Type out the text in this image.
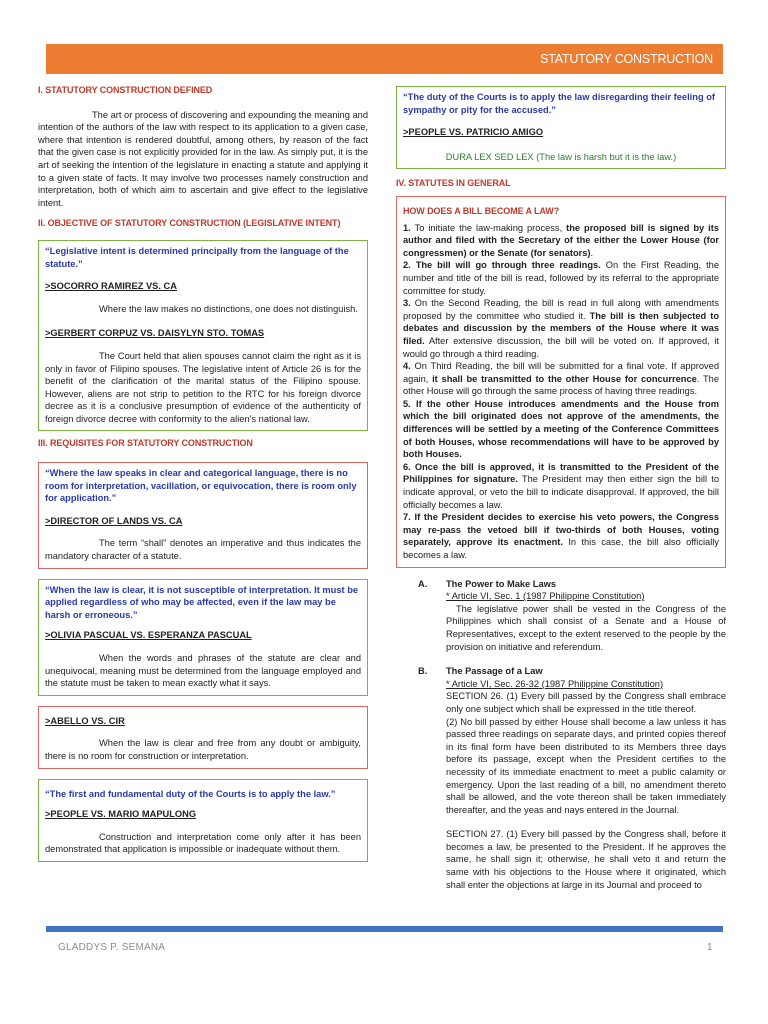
STATUTORY CONSTRUCTION
I. STATUTORY CONSTRUCTION DEFINED
The art or process of discovering and expounding the meaning and intention of the authors of the law with respect to its application to a given case, where that intention is rendered doubtful, among others, by reason of the fact that the given case is not explicitly provided for in the law. As simply put, it is the art of seeking the intention of the legislature in enacting a statute and applying it to a given state of facts. It may involve two processes namely construction and interpretation, both of which aim to ascertain and give effect to the legislative intent.
II. OBJECTIVE OF STATUTORY CONSTRUCTION (LEGISLATIVE INTENT)
“Legislative intent is determined principally from the language of the statute.”
>SOCORRO RAMIREZ VS. CA
Where the law makes no distinctions, one does not distinguish.
>GERBERT CORPUZ VS. DAISYLYN STO. TOMAS
The Court held that alien spouses cannot claim the right as it is only in favor of Filipino spouses. The legislative intent of Article 26 is for the benefit of the clarification of the marital status of the Filipino spouse. However, aliens are not strip to petition to the RTC for his foreign divorce decree as it is a conclusive presumption of evidence of the authenticity of foreign divorce decree with conformity to the alien's national law.
III. REQUISITES FOR STATUTORY CONSTRUCTION
“Where the law speaks in clear and categorical language, there is no room for interpretation, vacillation, or equivocation, there is room only for application.”
>DIRECTOR OF LANDS VS. CA
The term “shall” denotes an imperative and thus indicates the mandatory character of a statute.
“When the law is clear, it is not susceptible of interpretation. It must be applied regardless of who may be affected, even if the law may be harsh or erroneous.”
>OLIVIA PASCUAL VS. ESPERANZA PASCUAL
When the words and phrases of the statute are clear and unequivocal, meaning must be determined from the language employed and the statute must be taken to mean exactly what it says.
>ABELLO VS. CIR
When the law is clear and free from any doubt or ambiguity, there is no room for construction or interpretation.
“The first and fundamental duty of the Courts is to apply the law.”
>PEOPLE VS. MARIO MAPULONG
Construction and interpretation come only after it has been demonstrated that application is impossible or inadequate without them.
“The duty of the Courts is to apply the law disregarding their feeling of sympathy or pity for the accused.”
>PEOPLE VS. PATRICIO AMIGO
DURA LEX SED LEX (The law is harsh but it is the law.)
IV. STATUTES IN GENERAL
HOW DOES A BILL BECOME A LAW?
1. To initiate the law-making process, the proposed bill is signed by its author and filed with the Secretary of the either the Lower House (for congressmen) or the Senate (for senators).
2. The bill will go through three readings. On the First Reading, the number and title of the bill is read, followed by its referral to the appropriate committee for study.
3. On the Second Reading, the bill is read in full along with amendments proposed by the committee who studied it. The bill is then subjected to debates and discussion by the members of the House where it was filed. After extensive discussion, the bill will be voted on. If approved, it would go through a third reading.
4. On Third Reading, the bill will be submitted for a final vote. If approved again, it shall be transmitted to the other House for concurrence. The other House will go through the same process of having three readings.
5. If the other House introduces amendments and the House from which the bill originated does not approve of the amendments, the differences will be settled by a meeting of the Conference Committees of both Houses, whose recommendations will have to be approved by both Houses.
6. Once the bill is approved, it is transmitted to the President of the Philippines for signature. The President may then either sign the bill to indicate approval, or veto the bill to indicate disapproval. If approved, the bill officially becomes a law.
7. If the President decides to exercise his veto powers, the Congress may re-pass the vetoed bill if two-thirds of both Houses, voting separately, approve its enactment. In this case, the bill also officially becomes a law.
A. The Power to Make Laws
* Article VI, Sec. 1 (1987 Philippine Constitution)
The legislative power shall be vested in the Congress of the Philippines which shall consist of a Senate and a House of Representatives, except to the extent reserved to the people by the provision on initiative and referendum.
B. The Passage of a Law
* Article VI, Sec. 26-32 (1987 Philippine Constitution)
SECTION 26. (1) Every bill passed by the Congress shall embrace only one subject which shall be expressed in the title thereof.
(2) No bill passed by either House shall become a law unless it has passed three readings on separate days, and printed copies thereof in its final form have been distributed to its Members three days before its passage, except when the President certifies to the necessity of its immediate enactment to meet a public calamity or emergency. Upon the last reading of a bill, no amendment thereto shall be allowed, and the vote thereon shall be taken immediately thereafter, and the yeas and nays entered in the Journal.
SECTION 27. (1) Every bill passed by the Congress shall, before it becomes a law, be presented to the President. If he approves the same, he shall sign it; otherwise, he shall veto it and return the same with his objections to the House where it originated, which shall enter the objections at large in its Journal and proceed to
GLADDYS P. SEMANA	1
